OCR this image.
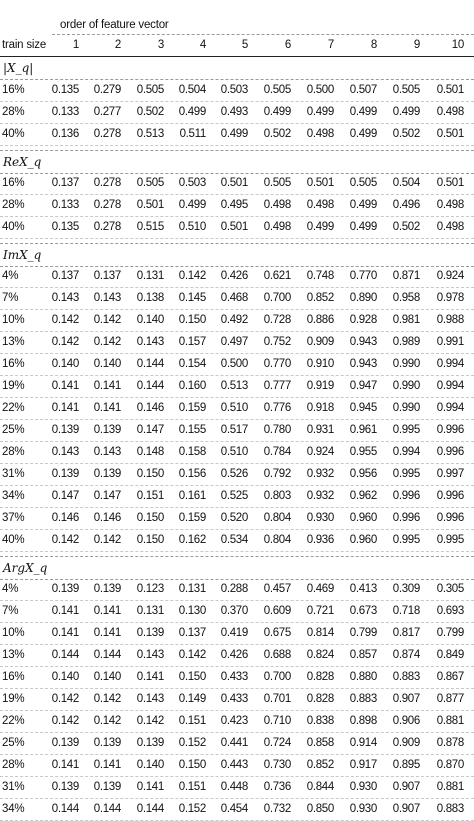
order of feature vector
train size	1	2	3	4	5	6	7	8	9	10
|X_q|
16%	0.135	0.279	0.505	0.504	0.503	0.505	0.500	0.507	0.505	0.501
28%	0.133	0.277	0.502	0.499	0.493	0.499	0.499	0.499	0.499	0.498
40%	0.136	0.278	0.513	0.511	0.499	0.502	0.498	0.499	0.502	0.501
ReX_q
16%	0.137	0.278	0.505	0.503	0.501	0.505	0.501	0.505	0.504	0.501
28%	0.133	0.278	0.501	0.499	0.495	0.498	0.498	0.499	0.496	0.498
40%	0.135	0.278	0.515	0.510	0.501	0.498	0.499	0.499	0.502	0.498
ImX_q
4%	0.137	0.137	0.131	0.142	0.426	0.621	0.748	0.770	0.871	0.924
7%	0.143	0.143	0.138	0.145	0.468	0.700	0.852	0.890	0.958	0.978
10%	0.142	0.142	0.140	0.150	0.492	0.728	0.886	0.928	0.981	0.988
13%	0.142	0.142	0.143	0.157	0.497	0.752	0.909	0.943	0.989	0.991
16%	0.140	0.140	0.144	0.154	0.500	0.770	0.910	0.943	0.990	0.994
19%	0.141	0.141	0.144	0.160	0.513	0.777	0.919	0.947	0.990	0.994
22%	0.141	0.141	0.146	0.159	0.510	0.776	0.918	0.945	0.990	0.994
25%	0.139	0.139	0.147	0.155	0.517	0.780	0.931	0.961	0.995	0.996
28%	0.143	0.143	0.148	0.158	0.510	0.784	0.924	0.955	0.994	0.996
31%	0.139	0.139	0.150	0.156	0.526	0.792	0.932	0.956	0.995	0.997
34%	0.147	0.147	0.151	0.161	0.525	0.803	0.932	0.962	0.996	0.996
37%	0.146	0.146	0.150	0.159	0.520	0.804	0.930	0.960	0.996	0.996
40%	0.142	0.142	0.150	0.162	0.534	0.804	0.936	0.960	0.995	0.995
ArgX_q
4%	0.139	0.139	0.123	0.131	0.288	0.457	0.469	0.413	0.309	0.305
7%	0.141	0.141	0.131	0.130	0.370	0.609	0.721	0.673	0.718	0.693
10%	0.141	0.141	0.139	0.137	0.419	0.675	0.814	0.799	0.817	0.799
13%	0.144	0.144	0.143	0.142	0.426	0.688	0.824	0.857	0.874	0.849
16%	0.140	0.140	0.141	0.150	0.433	0.700	0.828	0.880	0.883	0.867
19%	0.142	0.142	0.143	0.149	0.433	0.701	0.828	0.883	0.907	0.877
22%	0.142	0.142	0.142	0.151	0.423	0.710	0.838	0.898	0.906	0.881
25%	0.139	0.139	0.139	0.152	0.441	0.724	0.858	0.914	0.909	0.878
28%	0.141	0.141	0.140	0.150	0.443	0.730	0.852	0.917	0.895	0.870
31%	0.139	0.139	0.141	0.151	0.448	0.736	0.844	0.930	0.907	0.881
34%	0.144	0.144	0.144	0.152	0.454	0.732	0.850	0.930	0.907	0.883
